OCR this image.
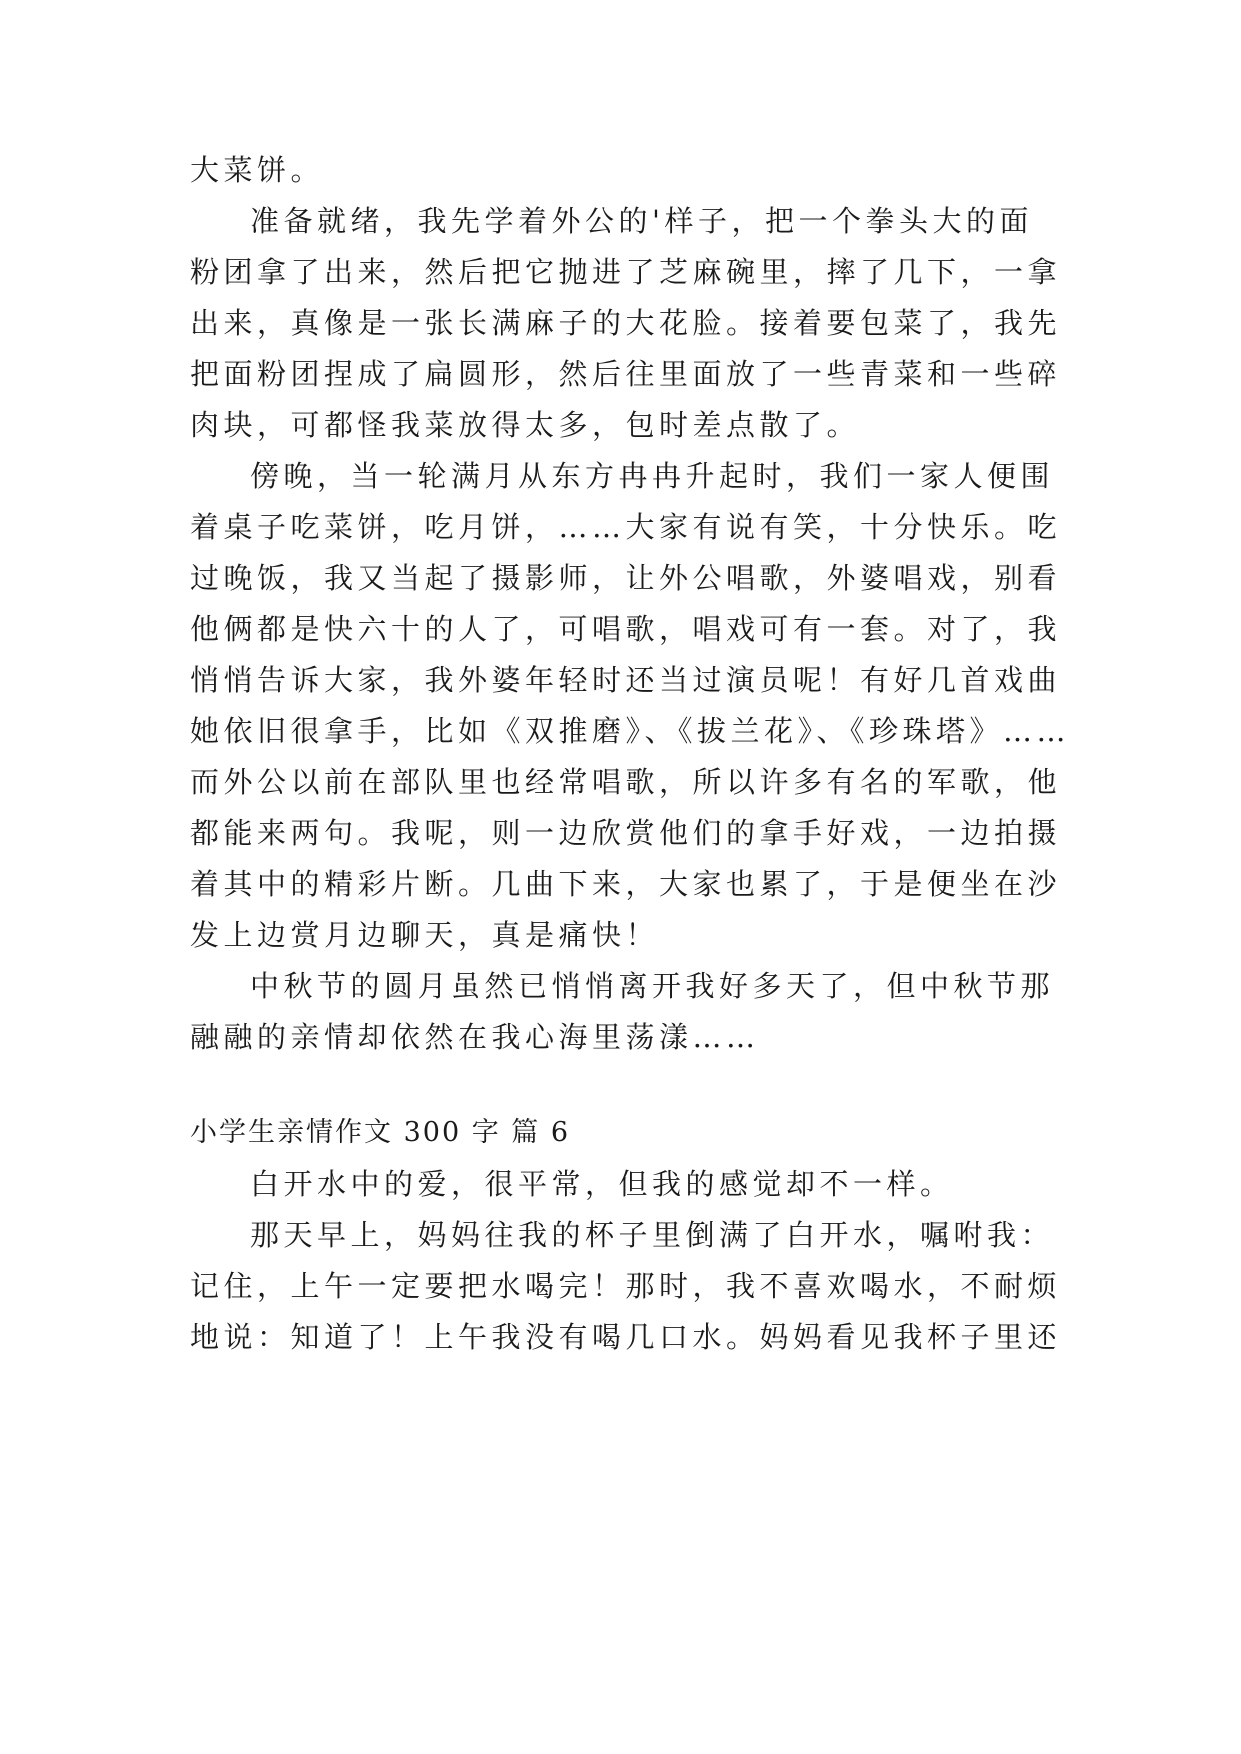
大菜饼。
准备就绪，我先学着外公的'样子，把一个拳头大的面
粉团拿了出来，然后把它抛进了芝麻碗里，摔了几下，一拿
出来，真像是一张长满麻子的大花脸。接着要包菜了，我先
把面粉团捏成了扁圆形，然后往里面放了一些青菜和一些碎
肉块，可都怪我菜放得太多，包时差点散了。
傍晚，当一轮满月从东方冉冉升起时，我们一家人便围
着桌子吃菜饼，吃月饼，……大家有说有笑，十分快乐。吃
过晚饭，我又当起了摄影师，让外公唱歌，外婆唱戏，别看
他俩都是快六十的人了，可唱歌，唱戏可有一套。对了，我
悄悄告诉大家，我外婆年轻时还当过演员呢！有好几首戏曲
她依旧很拿手，比如《双推磨》、《拔兰花》、《珍珠塔》……
而外公以前在部队里也经常唱歌，所以许多有名的军歌，他
都能来两句。我呢，则一边欣赏他们的拿手好戏，一边拍摄
着其中的精彩片断。几曲下来，大家也累了，于是便坐在沙
发上边赏月边聊天，真是痛快！
中秋节的圆月虽然已悄悄离开我好多天了，但中秋节那
融融的亲情却依然在我心海里荡漾……
小学生亲情作文 300 字 篇 6
白开水中的爱，很平常，但我的感觉却不一样。
那天早上，妈妈往我的杯子里倒满了白开水，嘱咐我：
记住，上午一定要把水喝完！那时，我不喜欢喝水，不耐烦
地说：知道了！上午我没有喝几口水。妈妈看见我杯子里还
